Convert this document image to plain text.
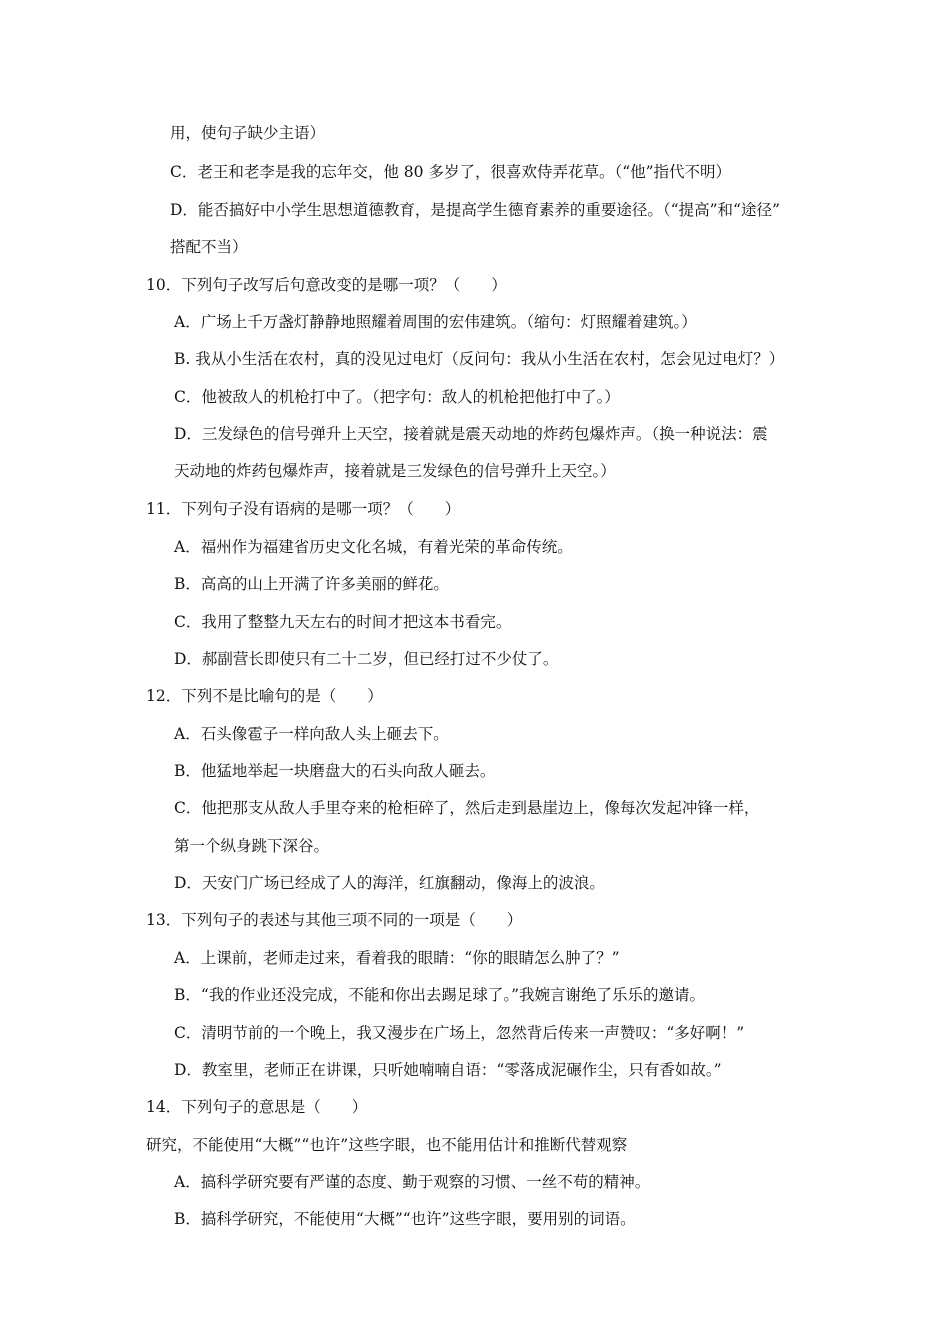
用，使句子缺少主语）
C．老王和老李是我的忘年交，他 80 多岁了，很喜欢侍弄花草。（“他”指代不明）
D．能否搞好中小学生思想道德教育，是提高学生德育素养的重要途径。（“提高”和“途径”
搭配不当）
10．下列句子改写后句意改变的是哪一项？（　　）
A．广场上千万盏灯静静地照耀着周围的宏伟建筑。（缩句：灯照耀着建筑。）
B. 我从小生活在农村，真的没见过电灯（反问句：我从小生活在农村，怎会见过电灯？）
C．他被敌人的机枪打中了。（把字句：敌人的机枪把他打中了。）
D．三发绿色的信号弹升上天空，接着就是震天动地的炸药包爆炸声。（换一种说法：震
天动地的炸药包爆炸声，接着就是三发绿色的信号弹升上天空。）
11．下列句子没有语病的是哪一项？（　　）
A．福州作为福建省历史文化名城，有着光荣的革命传统。
B．高高的山上开满了许多美丽的鲜花。
C．我用了整整九天左右的时间才把这本书看完。
D．郝副营长即使只有二十二岁，但已经打过不少仗了。
12．下列不是比喻句的是（　　）
A．石头像雹子一样向敌人头上砸去下。
B．他猛地举起一块磨盘大的石头向敌人砸去。
C．他把那支从敌人手里夺来的枪柜碎了，然后走到悬崖边上，像每次发起冲锋一样，
第一个纵身跳下深谷。
D．天安门广场已经成了人的海洋，红旗翻动，像海上的波浪。
13．下列句子的表述与其他三项不同的一项是（　　）
A．上课前，老师走过来，看着我的眼睛：“你的眼睛怎么肿了？”
B．“我的作业还没完成，不能和你出去踢足球了。”我婉言谢绝了乐乐的邀请。
C．清明节前的一个晚上，我又漫步在广场上，忽然背后传来一声赞叹：“多好啊！”
D．教室里，老师正在讲课，只听她喃喃自语：“零落成泥碾作尘，只有香如故。”
14．下列句子的意思是（　　）
研究，不能使用“大概”“也许”这些字眼，也不能用估计和推断代替观察
A．搞科学研究要有严谨的态度、勤于观察的习惯、一丝不苟的精神。
B．搞科学研究，不能使用“大概”“也许”这些字眼，要用别的词语。
